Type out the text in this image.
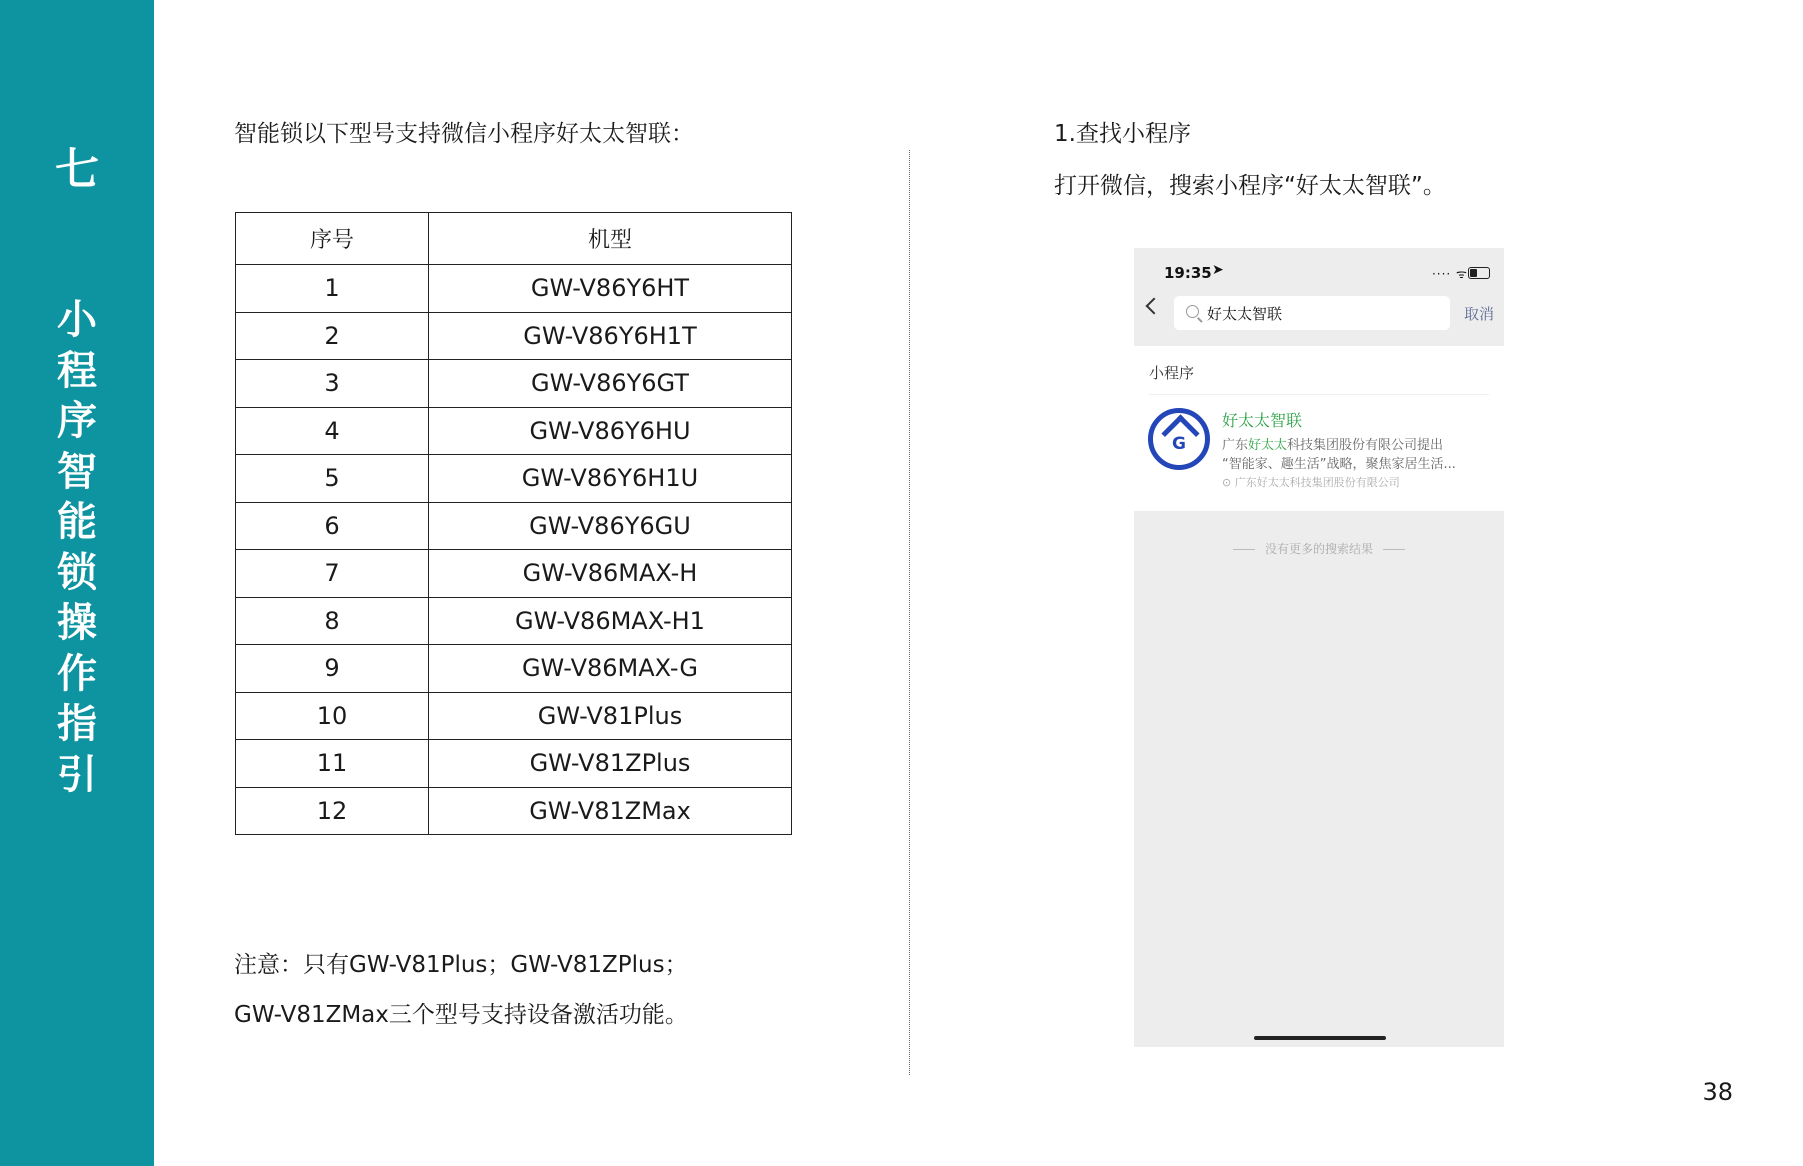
七
小
程
序
智
能
锁
操
作
指
引
智能锁以下型号支持微信小程序好太太智联：
序号	机型
1	GW-V86Y6HT
2	GW-V86Y6H1T
3	GW-V86Y6GT
4	GW-V86Y6HU
5	GW-V86Y6H1U
6	GW-V86Y6GU
7	GW-V86MAX-H
8	GW-V86MAX-H1
9	GW-V86MAX-G
10	GW-V81Plus
11	GW-V81ZPlus
12	GW-V81ZMax
注意：只有GW-V81Plus；GW-V81ZPlus；
GW-V81ZMax三个型号支持设备激活功能。
1.查找小程序
打开微信，搜索小程序“好太太智联”。
19:35 ➤	···· ᯤ
好太太智联	取消
小程序
G
好太太智联
广东好太太科技集团股份有限公司提出
“智能家、趣生活”战略，聚焦家居生活...
⊙ 广东好太太科技集团股份有限公司
没有更多的搜索结果
38
